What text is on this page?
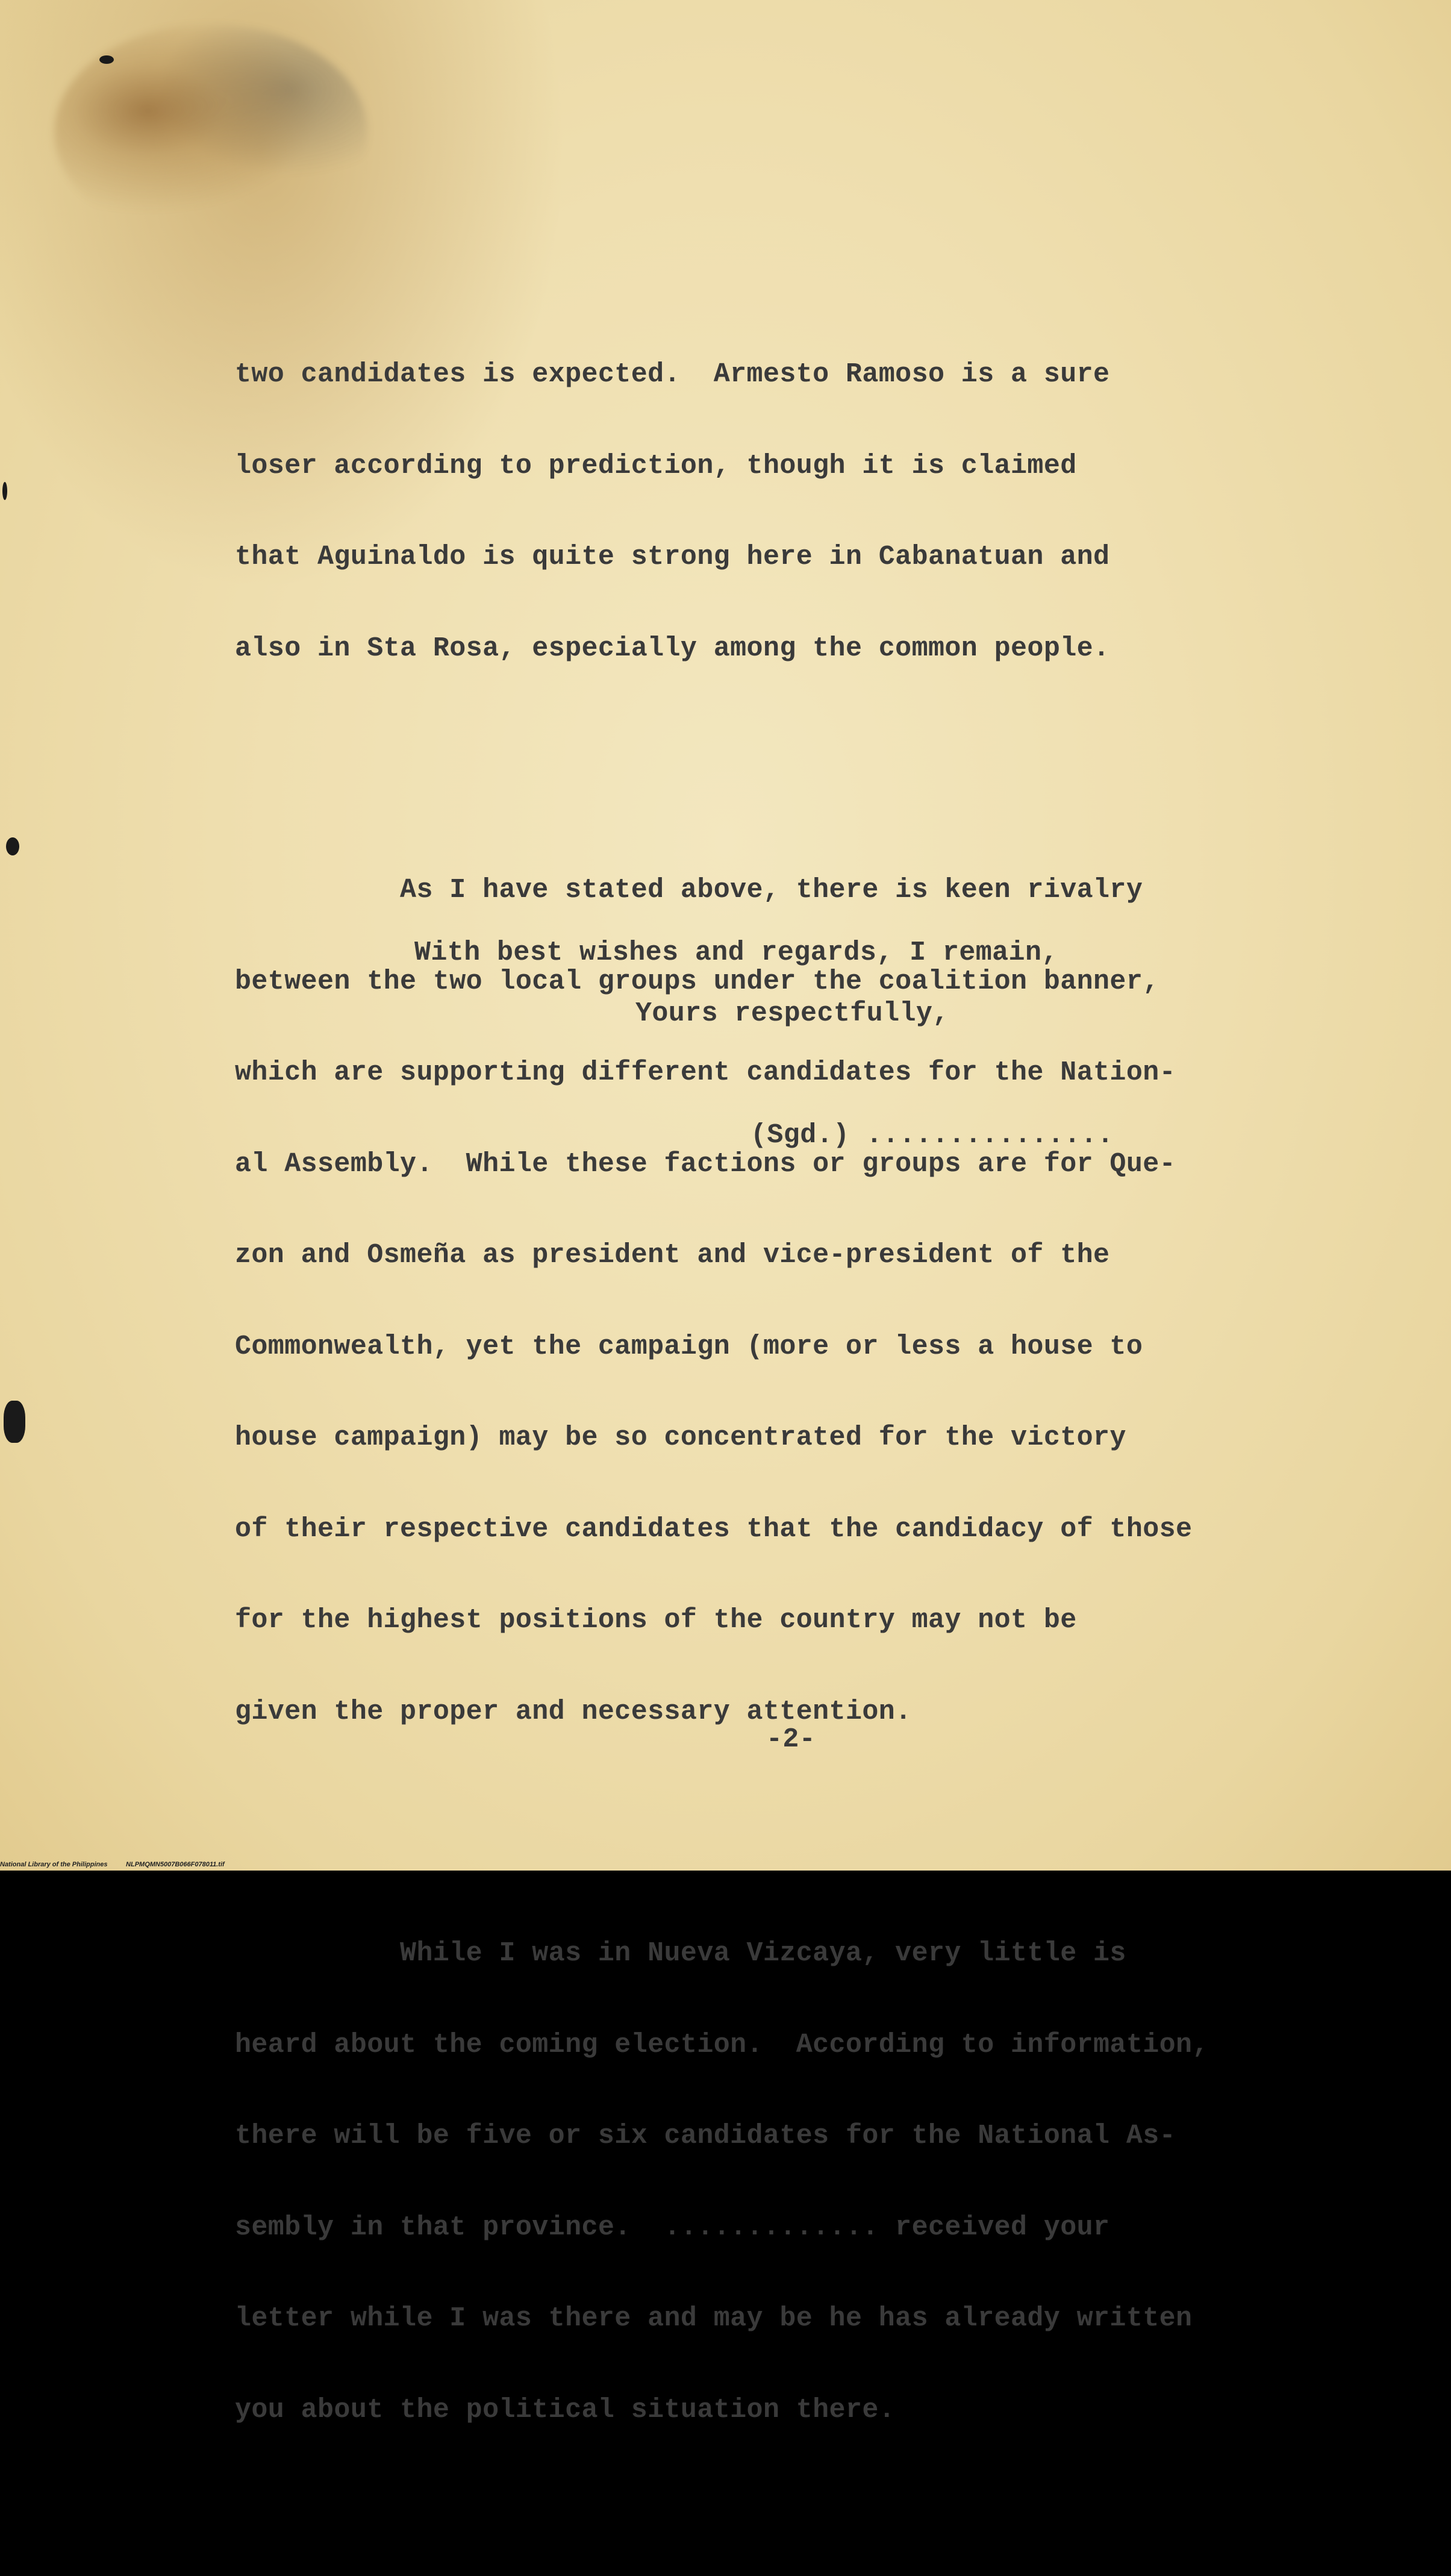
two candidates is expected.  Armesto Ramoso is a sure

loser according to prediction, though it is claimed

that Aguinaldo is quite strong here in Cabanatuan and

also in Sta Rosa, especially among the common people.

As I have stated above, there is keen rivalry

between the two local groups under the coalition banner,

which are supporting different candidates for the Nation-

al Assembly.  While these factions or groups are for Que-

zon and Osmeña as president and vice-president of the

Commonwealth, yet the campaign (more or less a house to

house campaign) may be so concentrated for the victory

of their respective candidates that the candidacy of those

for the highest positions of the country may not be

given the proper and necessary attention.

While I was in Nueva Vizcaya, very little is

heard about the coming election.  According to information,

there will be five or six candidates for the National As-

sembly in that province.  ............. received your

letter while I was there and may be he has already written

you about the political situation there.

With best wishes and regards, I remain,
Yours respectfully,
(Sgd.) ...............
-2-
National Library of the Philippines	NLPMQMN5007B066F078011.tif
